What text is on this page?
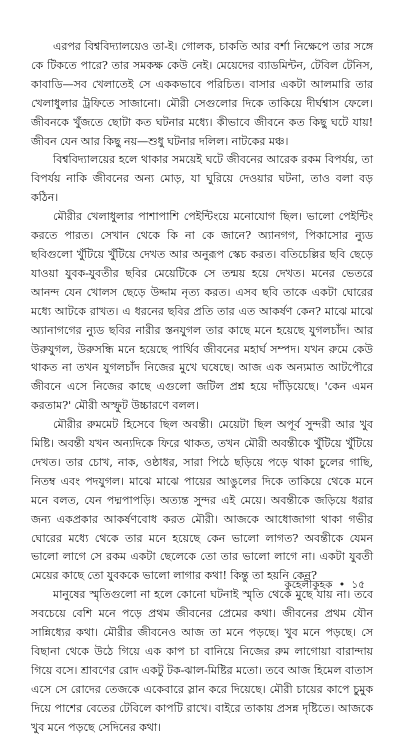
এরপর বিশ্ববিদ্যালয়েও তা-ই। গোলক, চাকতি আর বর্শা নিক্ষেপে তার সঙ্গে কে টিকতে পারে? তার সমকক্ষ কেউ নেই। মেয়েদের ব্যাডমিন্টন, টেবিল টেনিস, কাবাডি—সব খেলাতেই সে এককভাবে পরিচিত। বাসার একটা আলমারি তার খেলাধুলার ট্রফিতে সাজানো। মৌরী সেগুলোর দিকে তাকিয়ে দীর্ঘশ্বাস ফেলে। জীবনকে খুঁজতে ছোটা কত ঘটনার মধ্যে। কীভাবে জীবনে কত কিছু ঘটে যায়! জীবন যেন আর কিছু নয়—শুধু ঘটনার দলিল। নাটকের মঞ্চ।

বিশ্ববিদ্যালয়ের হলে থাকার সময়েই ঘটে জীবনের আরেক রকম বিপর্যয়, তা বিপর্যয় নাকি জীবনের অন্য মোড়, যা ঘুরিয়ে দেওয়ার ঘটনা, তাও বলা বড় কঠিন।

মৌরীর খেলাধুলার পাশাপাশি পেইন্টিংয়ে মনোযোগ ছিল। ভালো পেইন্টিং করতে পারত। সেখান থেকে কি না কে জানে? অ্যানগগ, পিকাসোর ন্যুড ছবিগুলো খুঁটিয়ে খুঁটিয়ে দেখত আর অনুরূপ স্কেচ করত। বতিচেল্লির ছবি ছেড়ে যাওয়া যুবক-যুবতীর ছবির মেয়েটিকে সে তন্ময় হয়ে দেখত। মনের ভেতরে আনন্দ যেন খোলস ছেড়ে উদ্দাম নৃত্য করত। এসব ছবি তাকে একটা ঘোরের মধ্যে আটকে রাখত। এ ধরনের ছবির প্রতি তার এত আকর্ষণ কেন? মাঝে মাঝে অ্যানাগগের ন্যুড ছবির নারীর স্তনযুগল তার কাছে মনে হয়েছে যুগলচাঁদ। আর উরুযুগল, উরুসন্ধি মনে হয়েছে পার্থিব জীবনের মহার্ঘ সম্পদ। যখন রুমে কেউ থাকত না তখন যুগলচাঁদ নিজের মুখে ঘষেছে। আজ এক অন্যমাত আটপৌরে জীবনে এসে নিজের কাছে এগুলো জটিল প্রশ্ন হয়ে দাঁড়িয়েছে। 'কেন এমন করতাম?' মৌরী অস্ফুট উচ্চারণে বলল।

মৌরীর রুমমেট হিসেবে ছিল অবন্তী। মেয়েটা ছিল অপূর্ব সুন্দরী আর খুব মিষ্টি। অবন্তী যখন অন্যদিকে ফিরে থাকত, তখন মৌরী অবন্তীকে খুঁটিয়ে খুঁটিয়ে দেখত। তার চোখ, নাক, ওষ্ঠাধর, সারা পিঠে ছড়িয়ে পড়ে থাকা চুলের গাছি, নিতম্ব এবং পদযুগল। মাঝে মাঝে পায়ের আঙুলের দিকে তাকিয়ে থেকে মনে মনে বলত, যেন পদ্মপাপড়ি। অত্যন্ত সুন্দর এই মেয়ে। অবন্তীকে জড়িয়ে ধরার জন্য একপ্রকার আকর্ষণবোধ করত মৌরী। আজকে আধোজাগা থাকা গভীর ঘোরের মধ্যে থেকে তার মনে হয়েছে কেন ভালো লাগত? অবন্তীকে যেমন ভালো লাগে সে রকম একটা ছেলেকে তো তার ভালো লাগে না। একটা যুবতী মেয়ের কাছে তো যুবককে ভালো লাগার কথা! কিন্তু তা হয়নি কেন?

মানুষের স্মৃতিগুলো না হলে কোনো ঘটনাই স্মৃতি থেকে মুছে যায় না। তবে সবচেয়ে বেশি মনে পড়ে প্রথম জীবনের প্রেমের কথা। জীবনের প্রথম যৌন সান্নিধ্যের কথা। মৌরীর জীবনেও আজ তা মনে পড়ছে। খুব মনে পড়ছে। সে বিছানা থেকে উঠে গিয়ে এক কাপ চা বানিয়ে নিজের রুম লাগোয়া বারান্দায় গিয়ে বসে। শ্রাবণের রোদ একটু টক-ঝাল-মিষ্টির মতো। তবে আজ হিমেল বাতাস এসে সে রোদের তেজকে একেবারে স্লান করে দিয়েছে। মৌরী চায়ের কাপে চুমুক দিয়ে পাশের বেতের টেবিলে কাপটি রাখে। বাইরে তাকায় প্রসন্ন দৃষ্টিতে। আজকে খুব মনে পড়ছে সেদিনের কথা।

কুহেলীকুহক • ১৫
